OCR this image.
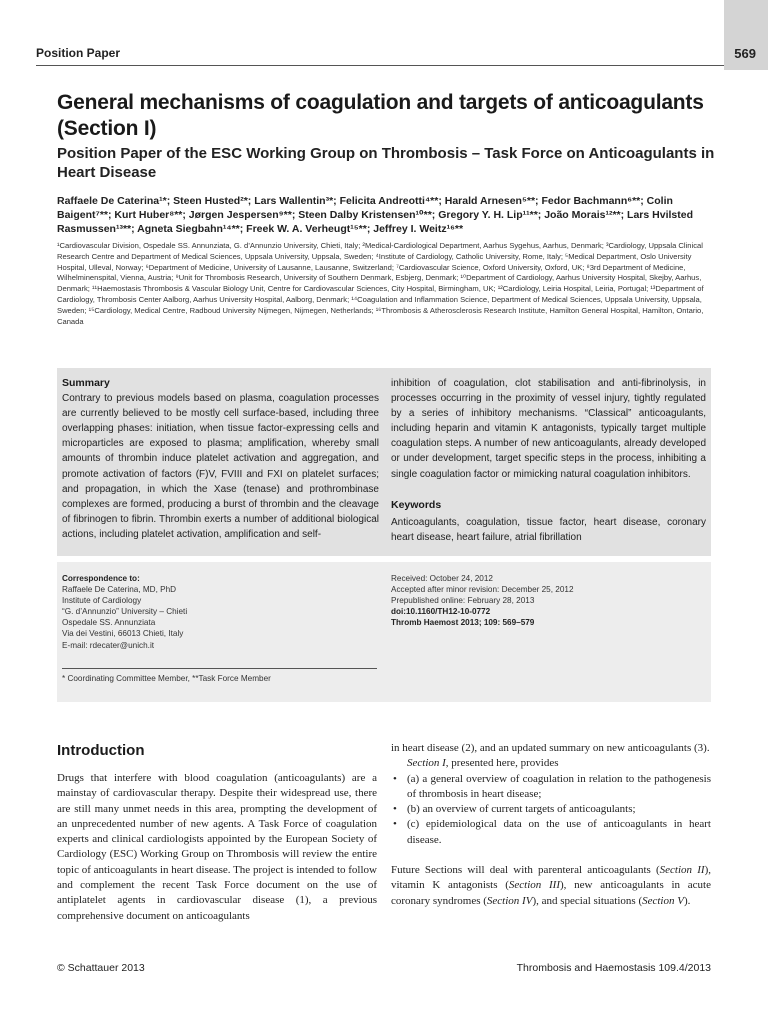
Position Paper	569
General mechanisms of coagulation and targets of anticoagulants (Section I)
Position Paper of the ESC Working Group on Thrombosis – Task Force on Anticoagulants in Heart Disease
Raffaele De Caterina¹*; Steen Husted²*; Lars Wallentin³*; Felicita Andreotti⁴**; Harald Arnesen⁵**; Fedor Bachmann⁶**; Colin Baigent⁷**; Kurt Huber⁸**; Jørgen Jespersen⁹**; Steen Dalby Kristensen¹⁰**; Gregory Y. H. Lip¹¹**; João Morais¹²**; Lars Hvilsted Rasmussen¹³**; Agneta Siegbahn¹⁴**; Freek W. A. Verheugt¹⁵**; Jeffrey I. Weitz¹⁶**
¹Cardiovascular Division, Ospedale SS. Annunziata, G. d’Annunzio University, Chieti, Italy; ²Medical-Cardiological Department, Aarhus Sygehus, Aarhus, Denmark; ³Cardiology, Uppsala Clinical Research Centre and Department of Medical Sciences, Uppsala University, Uppsala, Sweden; ⁴Institute of Cardiology, Catholic University, Rome, Italy; ⁵Medical Department, Oslo University Hospital, Ulleval, Norway; ⁶Department of Medicine, University of Lausanne, Lausanne, Switzerland; ⁷Cardiovascular Science, Oxford University, Oxford, UK; ⁸3rd Department of Medicine, Wilhelminenspital, Vienna, Austria; ⁹Unit for Thrombosis Research, University of Southern Denmark, Esbjerg, Denmark; ¹⁰Department of Cardiology, Aarhus University Hospital, Skejby, Aarhus, Denmark; ¹¹Haemostasis Thrombosis & Vascular Biology Unit, Centre for Cardiovascular Sciences, City Hospital, Birmingham, UK; ¹²Cardiology, Leiria Hospital, Leiria, Portugal; ¹³Department of Cardiology, Thrombosis Center Aalborg, Aarhus University Hospital, Aalborg, Denmark; ¹⁴Coagulation and Inflammation Science, Department of Medical Sciences, Uppsala University, Uppsala, Sweden; ¹⁵Cardiology, Medical Centre, Radboud University Nijmegen, Nijmegen, Netherlands; ¹⁶Thrombosis & Atherosclerosis Research Institute, Hamilton General Hospital, Hamilton, Ontario, Canada
Summary
Contrary to previous models based on plasma, coagulation processes are currently believed to be mostly cell surface-based, including three overlapping phases: initiation, when tissue factor-expressing cells and microparticles are exposed to plasma; amplification, whereby small amounts of thrombin induce platelet activation and aggregation, and promote activation of factors (F)V, FVIII and FXI on platelet surfaces; and propagation, in which the Xase (tenase) and prothrombinase complexes are formed, producing a burst of thrombin and the cleavage of fibrinogen to fibrin. Thrombin exerts a number of additional biological actions, including platelet activation, amplification and self-
inhibition of coagulation, clot stabilisation and anti-fibrinolysis, in processes occurring in the proximity of vessel injury, tightly regulated by a series of inhibitory mechanisms. “Classical” anticoagulants, including heparin and vitamin K antagonists, typically target multiple coagulation steps. A number of new anticoagulants, already developed or under development, target specific steps in the process, inhibiting a single coagulation factor or mimicking natural coagulation inhibitors.
Keywords
Anticoagulants, coagulation, tissue factor, heart disease, coronary heart disease, heart failure, atrial fibrillation
Correspondence to:
Raffaele De Caterina, MD, PhD
Institute of Cardiology
“G. d’Annunzio” University – Chieti
Ospedale SS. Annunziata
Via dei Vestini, 66013 Chieti, Italy
E-mail: rdecater@unich.it
* Coordinating Committee Member, **Task Force Member
Received: October 24, 2012
Accepted after minor revision: December 25, 2012
Prepublished online: February 28, 2013
doi:10.1160/TH12-10-0772
Thromb Haemost 2013; 109: 569–579
Introduction
Drugs that interfere with blood coagulation (anticoagulants) are a mainstay of cardiovascular therapy. Despite their widespread use, there are still many unmet needs in this area, prompting the development of an unprecedented number of new agents. A Task Force of coagulation experts and clinical cardiologists appointed by the European Society of Cardiology (ESC) Working Group on Thrombosis will review the entire topic of anticoagulants in heart disease. The project is intended to follow and complement the recent Task Force document on the use of antiplatelet agents in cardiovascular disease (1), a previous comprehensive document on anticoagulants
in heart disease (2), and an updated summary on new anticoagulants (3).
Section I, presented here, provides
• (a) a general overview of coagulation in relation to the pathogenesis of thrombosis in heart disease;
• (b) an overview of current targets of anticoagulants;
• (c) epidemiological data on the use of anticoagulants in heart disease.
Future Sections will deal with parenteral anticoagulants (Section II), vitamin K antagonists (Section III), new anticoagulants in acute coronary syndromes (Section IV), and special situations (Section V).
© Schattauer 2013	Thrombosis and Haemostasis 109.4/2013
